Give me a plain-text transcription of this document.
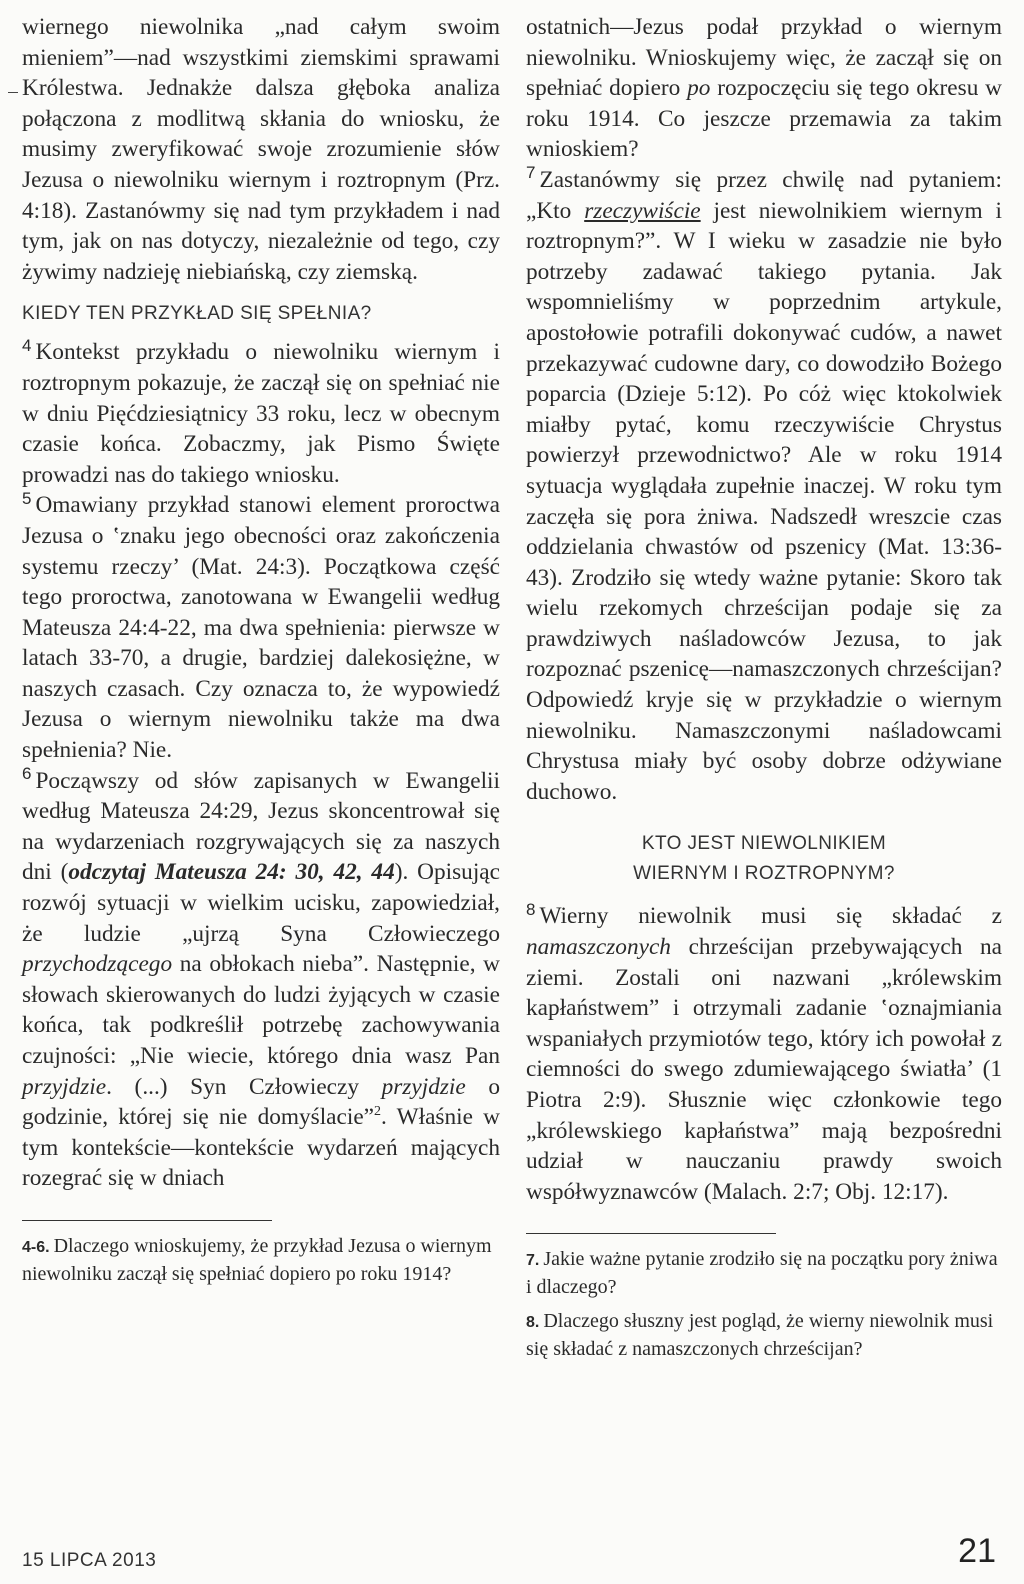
wiernego niewolnika „nad całym swoim mieniem”—nad wszystkimi ziemskimi sprawami Królestwa. Jednakże dalsza głęboka analiza połączona z modlitwą skłania do wniosku, że musimy zweryfikować swoje zrozumienie słów Jezusa o niewolniku wiernym i roztropnym (Prz. 4:18). Zastanówmy się nad tym przykładem i nad tym, jak on nas dotyczy, niezależnie od tego, czy żywimy nadzieję niebiańską, czy ziemską.

KIEDY TEN PRZYKŁAD SIĘ SPEŁNIA?

$^4$ Kontekst przykładu o niewolniku wiernym i roztropnym pokazuje, że zaczął się on spełniać nie w dniu Pięćdziesiątnicy 33 roku, lecz w obecnym czasie końca. Zobaczmy, jak Pismo Święte prowadzi nas do takiego wniosku.

$^5$ Omawiany przykład stanowi element proroctwa Jezusa o ‛znaku jego obecności oraz zakończenia systemu rzeczy’ (Mat. 24:3). Początkowa część tego proroctwa, zanotowana w Ewangelii według Mateusza 24:4-22, ma dwa spełnienia: pierwsze w latach 33-70, a drugie, bardziej dalekosiężne, w naszych czasach. Czy oznacza to, że wypowiedź Jezusa o wiernym niewolniku także ma dwa spełnienia? Nie.

$^6$ Począwszy od słów zapisanych w Ewangelii według Mateusza 24:29, Jezus skoncentrował się na wydarzeniach rozgrywających się za naszych dni (odczytaj Mateusza 24: 30, 42, 44). Opisując rozwój sytuacji w wielkim ucisku, zapowiedział, że ludzie „ujrzą Syna Człowieczego przychodzącego na obłokach nieba”. Następnie, w słowach skierowanych do ludzi żyjących w czasie końca, tak podkreślił potrzebę zachowywania czujności: „Nie wiecie, którego dnia wasz Pan przyjdzie. (...) Syn Człowieczy przyjdzie o godzinie, której się nie domyślacie”$^2$. Właśnie w tym kontekście—kontekście wydarzeń mających rozegrać się w dniach

4-6. Dlaczego wnioskujemy, że przykład Jezusa o wiernym niewolniku zaczął się spełniać dopiero po roku 1914?

ostatnich—Jezus podał przykład o wiernym niewolniku. Wnioskujemy więc, że zaczął się on spełniać dopiero po rozpoczęciu się tego okresu w roku 1914. Co jeszcze przemawia za takim wnioskiem?

$^7$ Zastanówmy się przez chwilę nad pytaniem: „Kto rzeczywiście jest niewolnikiem wiernym i roztropnym?”. W I wieku w zasadzie nie było potrzeby zadawać takiego pytania. Jak wspomnieliśmy w poprzednim artykule, apostołowie potrafili dokonywać cudów, a nawet przekazywać cudowne dary, co dowodziło Bożego poparcia (Dzieje 5:12). Po cóż więc ktokolwiek miałby pytać, komu rzeczywiście Chrystus powierzył przewodnictwo? Ale w roku 1914 sytuacja wyglądała zupełnie inaczej. W roku tym zaczęła się pora żniwa. Nadszedł wreszcie czas oddzielania chwastów od pszenicy (Mat. 13:36-43). Zrodziło się wtedy ważne pytanie: Skoro tak wielu rzekomych chrześcijan podaje się za prawdziwych naśladowców Jezusa, to jak rozpoznać pszenicę—namaszczonych chrześcijan? Odpowiedź kryje się w przykładzie o wiernym niewolniku. Namaszczonymi naśladowcami Chrystusa miały być osoby dobrze odżywiane duchowo.

KTO JEST NIEWOLNIKIEM
WIERNYM I ROZTROPNYM?

$^8$ Wierny niewolnik musi się składać z namaszczonych chrześcijan przebywających na ziemi. Zostali oni nazwani „królewskim kapłaństwem” i otrzymali zadanie ‛oznajmiania wspaniałych przymiotów tego, który ich powołał z ciemności do swego zdumiewającego światła’ (1 Piotra 2:9). Słusznie więc członkowie tego „królewskiego kapłaństwa” mają bezpośredni udział w nauczaniu prawdy swoich współwyznawców (Malach. 2:7; Obj. 12:17).

7. Jakie ważne pytanie zrodziło się na początku pory żniwa i dlaczego?

8. Dlaczego słuszny jest pogląd, że wierny niewolnik musi się składać z namaszczonych chrześcijan?

15 LIPCA 2013	21
